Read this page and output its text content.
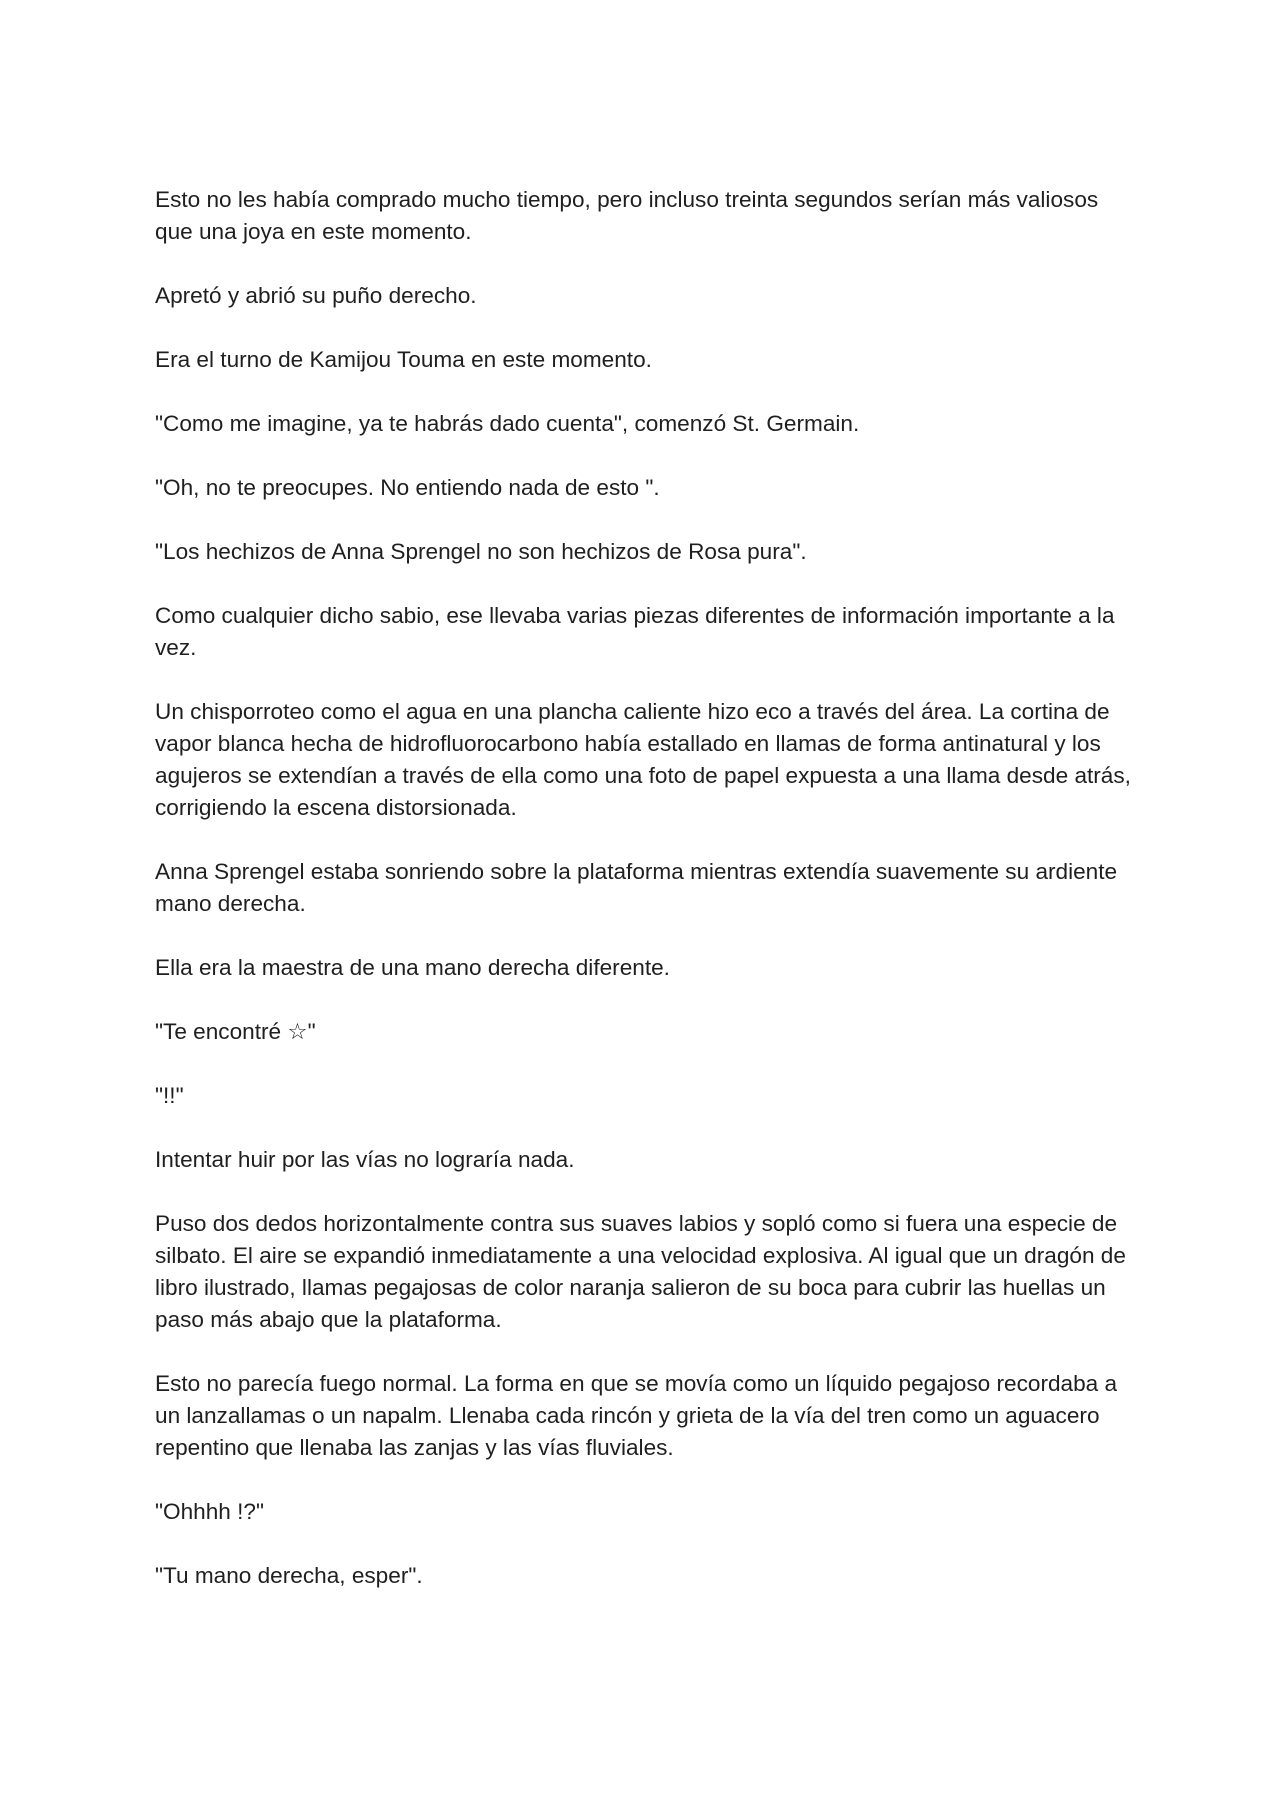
Esto no les había comprado mucho tiempo, pero incluso treinta segundos serían más valiosos que una joya en este momento.

Apretó y abrió su puño derecho.

Era el turno de Kamijou Touma en este momento.

"Como me imagine, ya te habrás dado cuenta", comenzó St. Germain.

"Oh, no te preocupes. No entiendo nada de esto ".

"Los hechizos de Anna Sprengel no son hechizos de Rosa pura".

Como cualquier dicho sabio, ese llevaba varias piezas diferentes de información importante a la vez.

Un chisporroteo como el agua en una plancha caliente hizo eco a través del área. La cortina de vapor blanca hecha de hidrofluorocarbono había estallado en llamas de forma antinatural y los agujeros se extendían a través de ella como una foto de papel expuesta a una llama desde atrás, corrigiendo la escena distorsionada.

Anna Sprengel estaba sonriendo sobre la plataforma mientras extendía suavemente su ardiente mano derecha.

Ella era la maestra de una mano derecha diferente.

"Te encontré ☆"

"!!"

Intentar huir por las vías no lograría nada.

Puso dos dedos horizontalmente contra sus suaves labios y sopló como si fuera una especie de silbato. El aire se expandió inmediatamente a una velocidad explosiva. Al igual que un dragón de libro ilustrado, llamas pegajosas de color naranja salieron de su boca para cubrir las huellas un paso más abajo que la plataforma.

Esto no parecía fuego normal. La forma en que se movía como un líquido pegajoso recordaba a un lanzallamas o un napalm. Llenaba cada rincón y grieta de la vía del tren como un aguacero repentino que llenaba las zanjas y las vías fluviales.

"Ohhhh !?"

"Tu mano derecha, esper".
